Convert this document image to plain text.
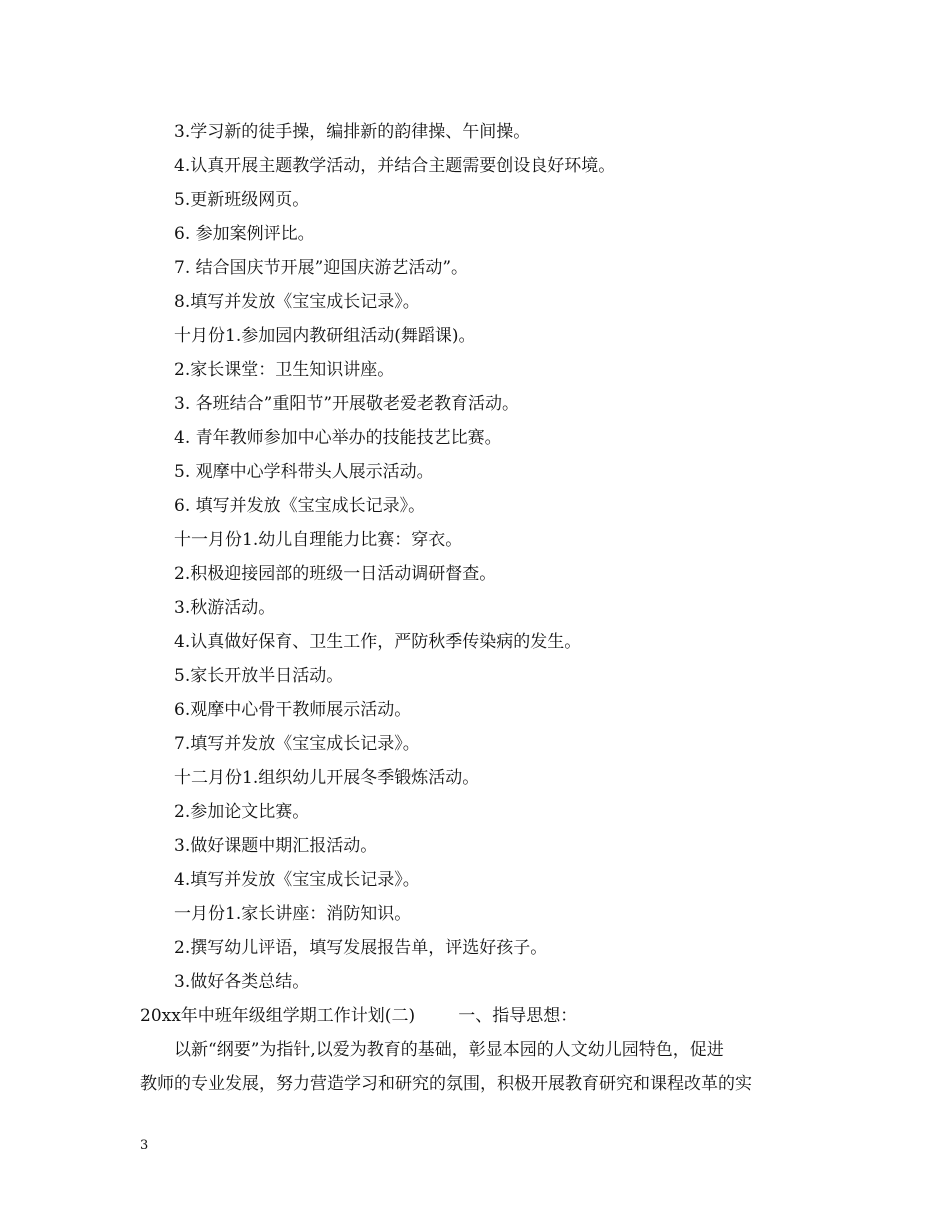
3.学习新的徒手操，编排新的韵律操、午间操。
4.认真开展主题教学活动，并结合主题需要创设良好环境。
5.更新班级网页。
6. 参加案例评比。
7. 结合国庆节开展”迎国庆游艺活动”。
8.填写并发放《宝宝成长记录》。
十月份1.参加园内教研组活动(舞蹈课)。
2.家长课堂：卫生知识讲座。
3. 各班结合”重阳节”开展敬老爱老教育活动。
4. 青年教师参加中心举办的技能技艺比赛。
5. 观摩中心学科带头人展示活动。
6. 填写并发放《宝宝成长记录》。
十一月份1.幼儿自理能力比赛：穿衣。
2.积极迎接园部的班级一日活动调研督查。
3.秋游活动。
4.认真做好保育、卫生工作，严防秋季传染病的发生。
5.家长开放半日活动。
6.观摩中心骨干教师展示活动。
7.填写并发放《宝宝成长记录》。
十二月份1.组织幼儿开展冬季锻炼活动。
2.参加论文比赛。
3.做好课题中期汇报活动。
4.填写并发放《宝宝成长记录》。
一月份1.家长讲座：消防知识。
2.撰写幼儿评语，填写发展报告单，评选好孩子。
3.做好各类总结。
20xx年中班年级组学期工作计划(二)        一、指导思想：
以新“纲要”为指针,以爱为教育的基础，彰显本园的人文幼儿园特色，促进
教师的专业发展，努力营造学习和研究的氛围，积极开展教育研究和课程改革的实
3
